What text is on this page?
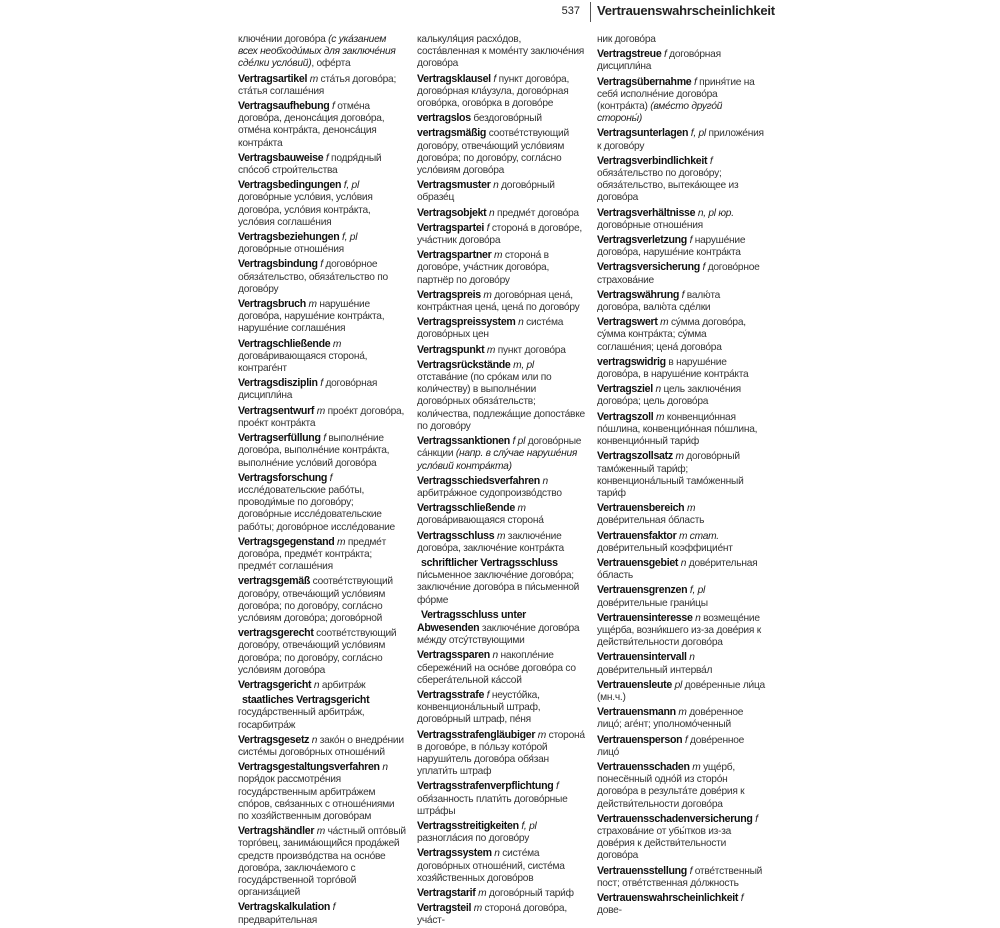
537 Vertrauenswahrscheinlichkeit
ключе́нии догово́ра (с ука́занием всех необходи́мых для заключе́ния сде́лки усло́вий), офе́рта
Vertragsartikel m ста́тья догово́ра; ста́тья соглаше́ния
Vertragsaufhebung f отме́на догово́ра, денонса́ция догово́ра, отме́на контра́кта, денонса́ция контра́кта
Vertragsbauweise f подря́дный спо́соб строи́тельства
Vertragsbedingungen f, pl догово́рные усло́вия, усло́вия догово́ра, усло́вия контра́кта, усло́вия соглаше́ния
Vertragsbeziehungen f, pl догово́рные отноше́ния
Vertragsbindung f догово́рное обяза́тельство, обяза́тельство по догово́ру
Vertragsbruch m наруше́ние догово́ра, наруше́ние контра́кта, наруше́ние соглаше́ния
Vertragschließende m догова́ривающаяся сторона́, контраге́нт
Vertragsdisziplin f догово́рная дисципли́на
Vertragsentwurf m прое́кт догово́ра, прое́кт контра́кта
Vertragserfüllung f выполне́ние догово́ра, выполне́ние контра́кта, выполне́ние усло́вий догово́ра
Vertragsforschung f иссле́довательские рабо́ты, проводи́мые по догово́ру; догово́рные иссле́довательские рабо́ты; догово́рное иссле́дование
Vertragsgegenstand m предме́т догово́ра, предме́т контра́кта; предме́т соглаше́ния
vertragsgemäß соотве́тствующий догово́ру, отвеча́ющий усло́виям догово́ра; по догово́ру, согла́сно усло́виям догово́ра; догово́рной
vertragsgerecht соотве́тствующий догово́ру, отвеча́ющий усло́виям догово́ра; по догово́ру, согла́сно усло́виям догово́ра
Vertragsgericht n арбитра́ж
staatliches Vertragsgericht госуда́рственный арбитра́ж, госарбитра́ж
Vertragsgesetz n зако́н о внедре́нии систе́мы догово́рных отноше́ний
Vertragsgestaltungsverfahren n поря́док рассмотре́ния госуда́рственным арбитра́жем спо́ров, свя́занных с отноше́ниями по хозя́йственным догово́рам
Vertragshändler m ча́стный опто́вый торго́вец, занима́ющийся прода́жей средств произво́дства на осно́ве догово́ра, заключа́емого с госуда́рственной торго́вой организа́цией
Vertragskalkulation f предвари́тельная
калькуля́ция расхо́дов, соста́вленная к моме́нту заключе́ния догово́ра
Vertragsklausel f пункт догово́ра, догово́рная кла́узула, догово́рная огово́рка, огово́рка в догово́ре
vertragslos бездогово́рный
vertragsmäßig соотве́тствующий догово́ру, отвеча́ющий усло́виям догово́ра; по догово́ру, согла́сно усло́виям догово́ра
Vertragsmuster n догово́рный образе́ц
Vertragsobjekt n предме́т догово́ра
Vertragspartei f сторона́ в догово́ре, уча́стник догово́ра
Vertragspartner m сторона́ в догово́ре, уча́стник догово́ра, партнёр по догово́ру
Vertragspreis m догово́рная цена́, контра́ктная цена́, цена́ по догово́ру
Vertragspreissystem n систе́ма догово́рных цен
Vertragspunkt m пункт догово́ра
Vertragsrückstände m, pl отстава́ние (по сро́кам или по коли́честву) в выполне́нии догово́рных обяза́тельств; коли́чества, подлежа́щие допоста́вке по догово́ру
Vertragssanktionen f pl догово́рные са́нкции (напр. в слу́чае наруше́ния усло́вий контра́кта)
Vertragsschiedsverfahren n арбитра́жное судопроизво́дство
Vertragsschließende m догова́ривающаяся сторона́
Vertragsschluss m заключе́ние догово́ра, заключе́ние контра́кта
schriftlicher Vertragsschluss пи́сьменное заключе́ние догово́ра; заключе́ние догово́ра в пи́сьменной фо́рме
Vertragsschluss unter Abwesenden заключе́ние догово́ра ме́жду отсу́тствующими
Vertragssparen n накопле́ние сбереже́ний на осно́ве догово́ра со сберега́тельной ка́ссой
Vertragsstrafe f неусто́йка, конвенциона́льный штраф, догово́рный штраф, пе́ня
Vertragsstrafengläubiger m сторона́ в догово́ре, в по́льзу кото́рой наруши́тель догово́ра обя́зан уплати́ть штраф
Vertragsstrafenverpflichtung f обя́занность плати́ть догово́рные штра́фы
Vertragsstreitigkeiten f, pl разногла́сия по догово́ру
Vertragssystem n систе́ма догово́рных отноше́ний, систе́ма хозя́йственных догово́ров
Vertragstarif m догово́рный тари́ф
Vertragsteil m сторона́ догово́ра, уча́ст-
ник догово́ра
Vertragstreue f догово́рная дисципли́на
Vertragsübernahme f приня́тие на себя́ исполне́ние догово́ра (контра́кта) (вме́сто друго́й стороны́)
Vertragsunterlagen f, pl приложе́ния к догово́ру
Vertragsverbindlichkeit f обяза́тельство по догово́ру; обяза́тельство, вытека́ющее из догово́ра
Vertragsverhältnisse n, pl юр. догово́рные отноше́ния
Vertragsverletzung f наруше́ние догово́ра, наруше́ние контра́кта
Vertragsversicherung f догово́рное страхова́ние
Vertragswährung f валю́та догово́ра, валю́та сде́лки
Vertragswert m су́мма догово́ра, су́мма контра́кта; су́мма соглаше́ния; цена́ догово́ра
vertragswidrig в наруше́ние догово́ра, в наруше́ние контра́кта
Vertragsziel n цель заключе́ния догово́ра; цель догово́ра
Vertragszoll m конвенцио́нная по́шлина, конвенцио́нная по́шлина, конвенцио́нный тари́ф
Vertragszollsatz m догово́рный тамо́женный тари́ф; конвенциона́льный тамо́женный тари́ф
Vertrauensbereich m дове́рительная о́бласть
Vertrauensfaktor m стат. дове́рительный коэффицие́нт
Vertrauensgebiet n дове́рительная о́бласть
Vertrauensgrenzen f, pl дове́рительные грани́цы
Vertrauensinteresse n возмеще́ние уще́рба, возни́кшего из-за дове́рия к действи́тельности догово́ра
Vertrauensintervall n дове́рительный интерва́л
Vertrauensleute pl дове́ренные ли́ца (мн.ч.)
Vertrauensmann m дове́ренное лицо́; аге́нт; уполномо́ченный
Vertrauensperson f дове́ренное лицо́
Vertrauensschaden m уще́рб, понесённый одно́й из сторо́н догово́ра в результа́те дове́рия к действи́тельности догово́ра
Vertrauensschadenversicherung f страхова́ние от убы́тков из-за дове́рия к действи́тельности догово́ра
Vertrauensstellung f отве́тственный пост; отве́тственная до́лжность
Vertrauenswahrscheinlichkeit f дове-
